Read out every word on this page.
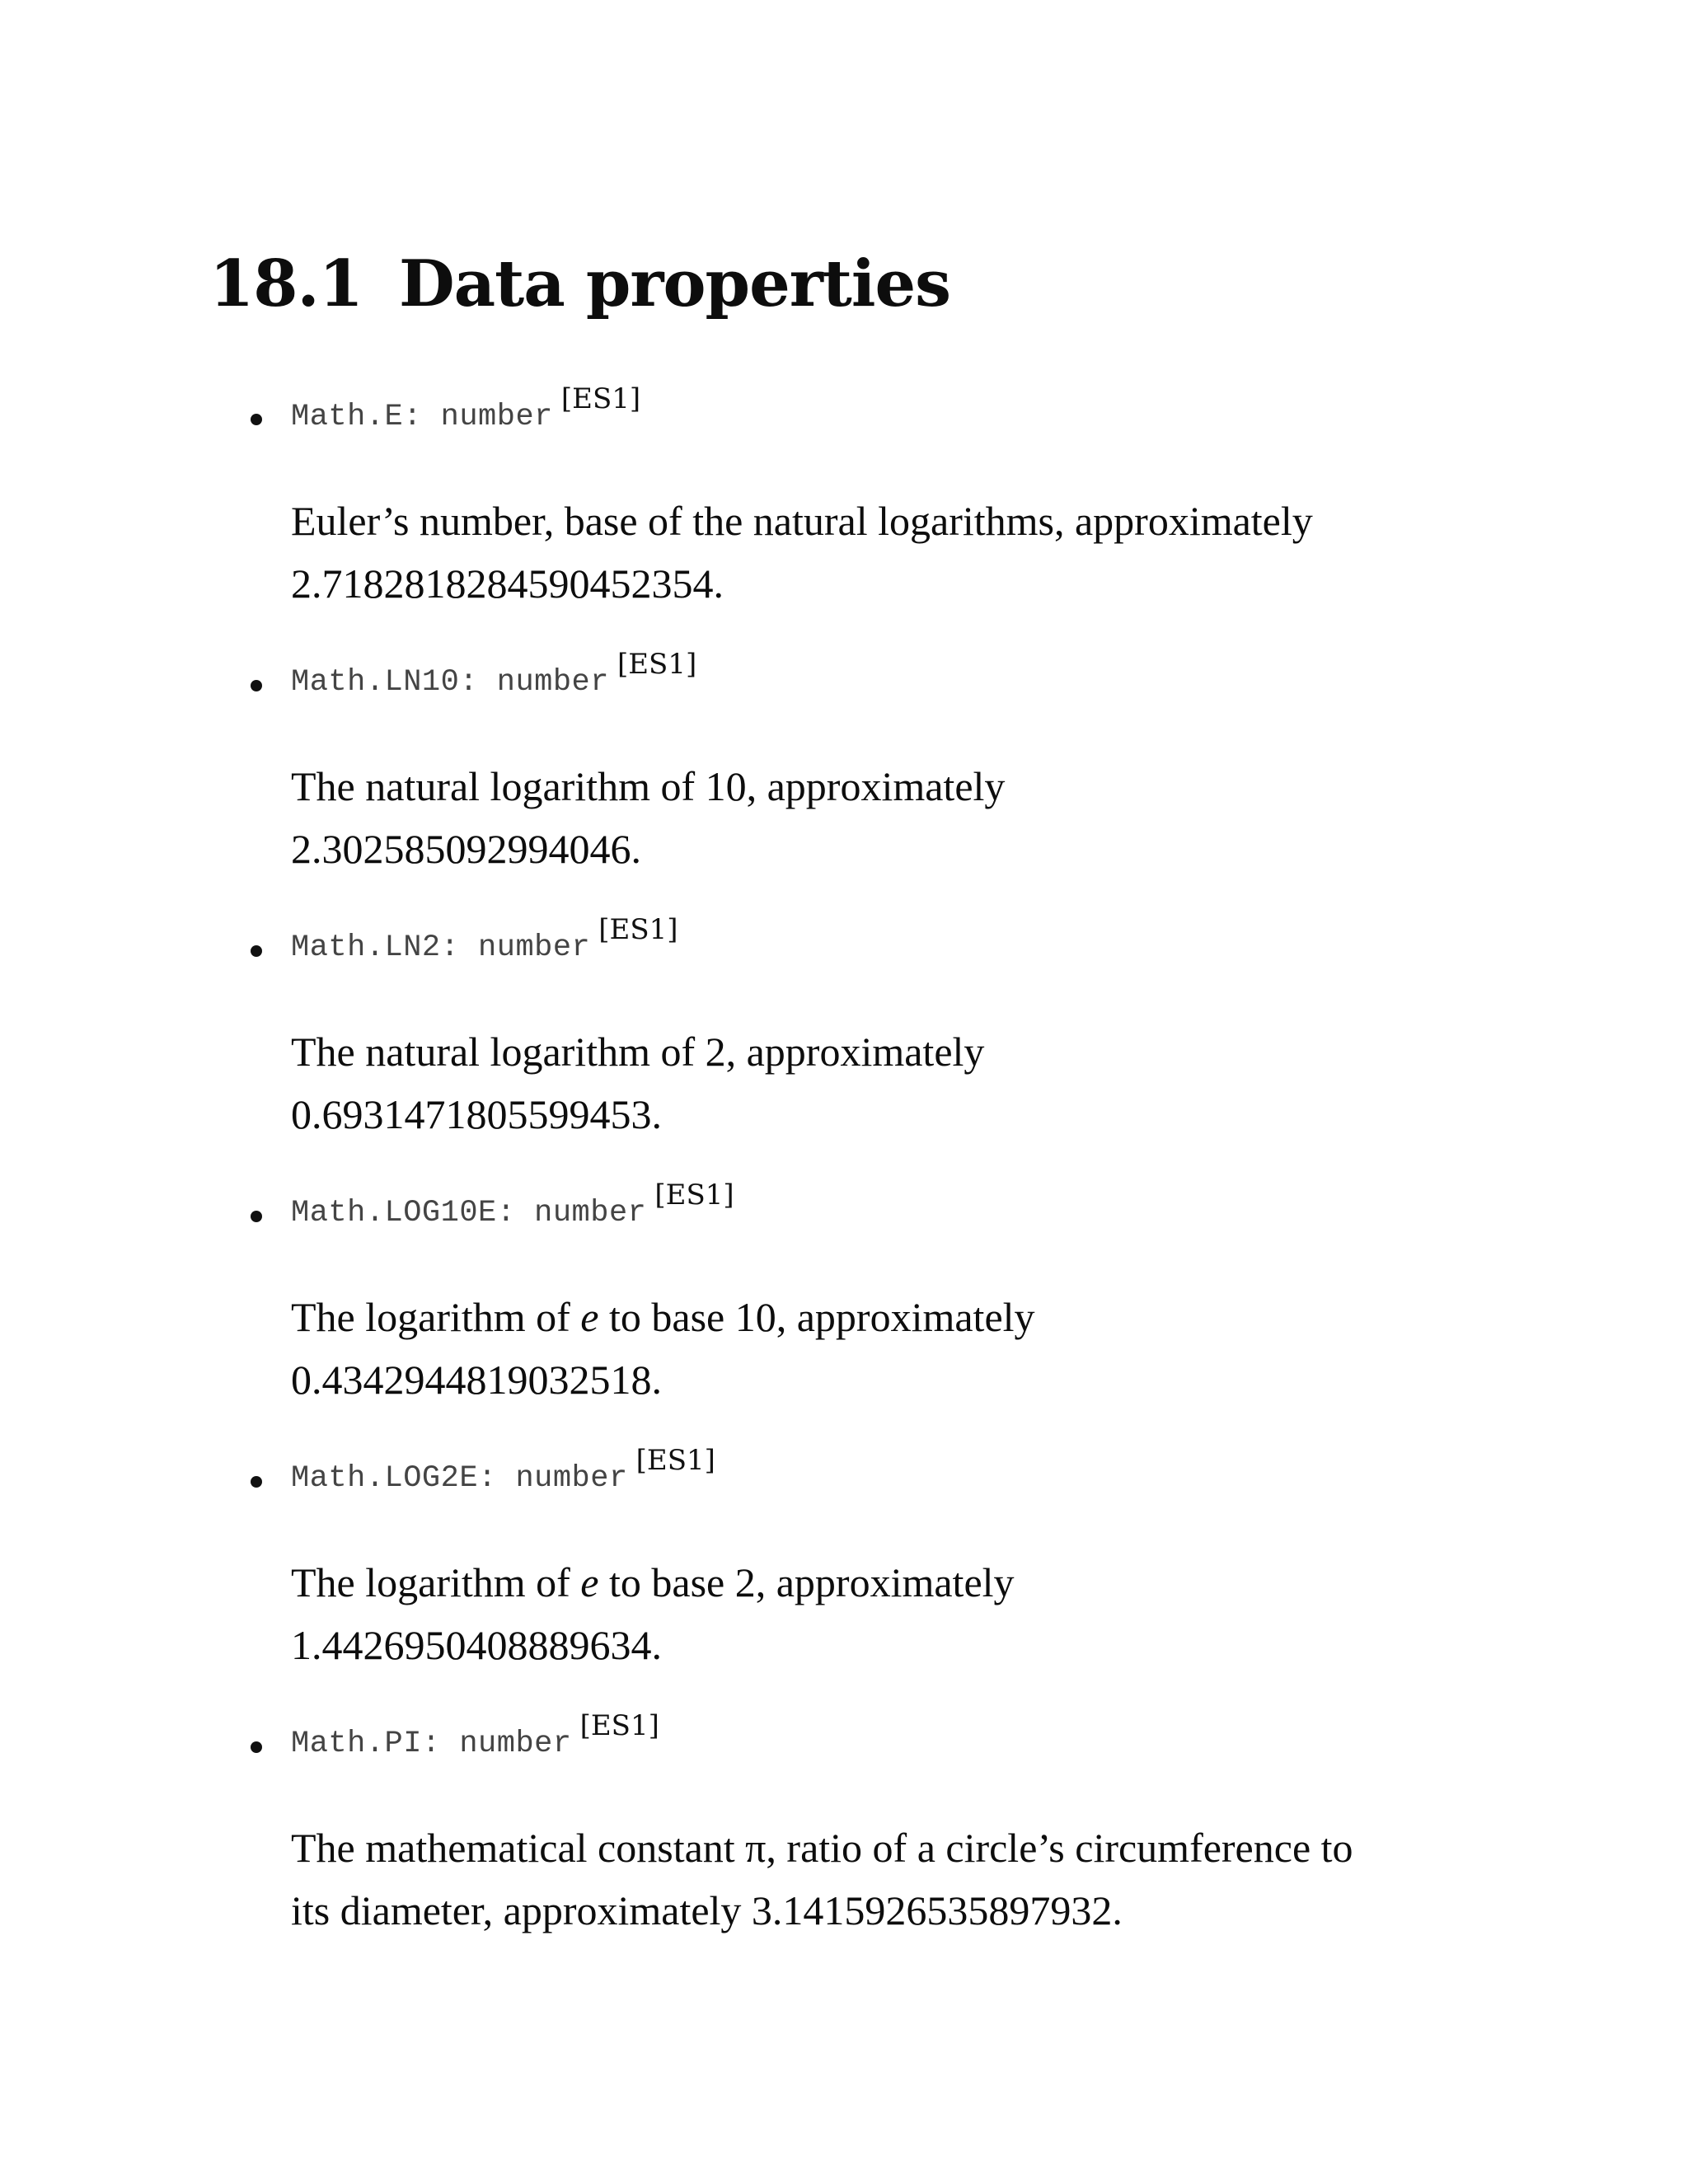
18.1 Data properties
Math.E: number[ES1]

Euler’s number, base of the natural logarithms, approximately
2.7182818284590452354.

Math.LN10: number[ES1]

The natural logarithm of 10, approximately
2.302585092994046.

Math.LN2: number[ES1]

The natural logarithm of 2, approximately
0.6931471805599453.

Math.LOG10E: number[ES1]

The logarithm of e to base 10, approximately
0.4342944819032518.

Math.LOG2E: number[ES1]

The logarithm of e to base 2, approximately
1.4426950408889634.

Math.PI: number[ES1]

The mathematical constant π, ratio of a circle’s circumference to
its diameter, approximately 3.1415926535897932.
